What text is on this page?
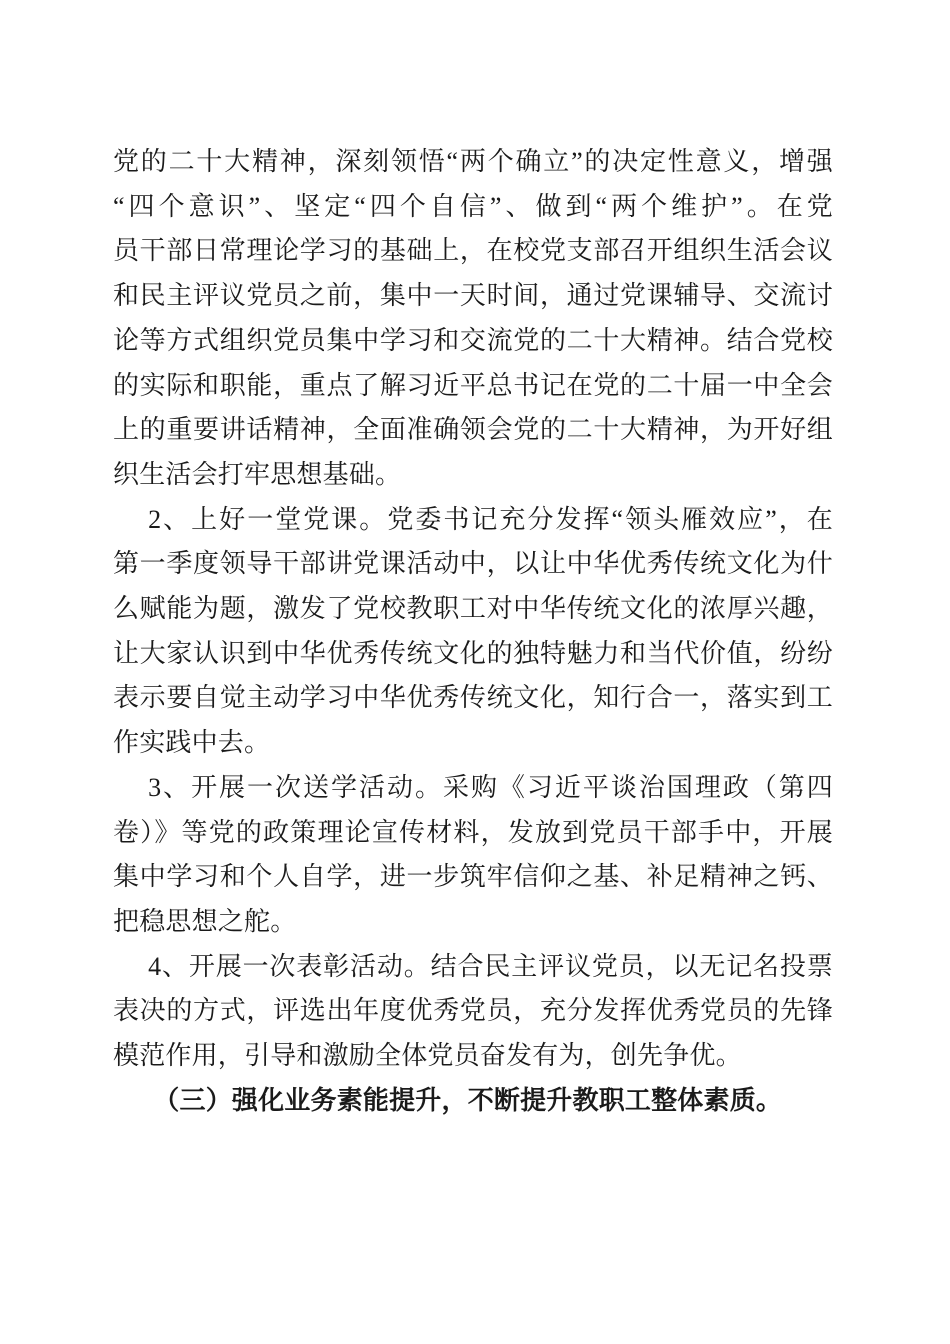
党的二十大精神，深刻领悟“两个确立”的决定性意义，增强
“四个意识”、坚定“四个自信”、做到“两个维护”。在党
员干部日常理论学习的基础上，在校党支部召开组织生活会议
和民主评议党员之前，集中一天时间，通过党课辅导、交流讨
论等方式组织党员集中学习和交流党的二十大精神。结合党校
的实际和职能，重点了解习近平总书记在党的二十届一中全会
上的重要讲话精神，全面准确领会党的二十大精神，为开好组
织生活会打牢思想基础。
2、上好一堂党课。党委书记充分发挥“领头雁效应”，在
第一季度领导干部讲党课活动中，以让中华优秀传统文化为什
么赋能为题，激发了党校教职工对中华传统文化的浓厚兴趣，
让大家认识到中华优秀传统文化的独特魅力和当代价值，纷纷
表示要自觉主动学习中华优秀传统文化，知行合一，落实到工
作实践中去。
3、开展一次送学活动。采购《习近平谈治国理政（第四
卷）》等党的政策理论宣传材料，发放到党员干部手中，开展
集中学习和个人自学，进一步筑牢信仰之基、补足精神之钙、
把稳思想之舵。
4、开展一次表彰活动。结合民主评议党员，以无记名投票
表决的方式，评选出年度优秀党员，充分发挥优秀党员的先锋
模范作用，引导和激励全体党员奋发有为，创先争优。
（三）强化业务素能提升，不断提升教职工整体素质。
